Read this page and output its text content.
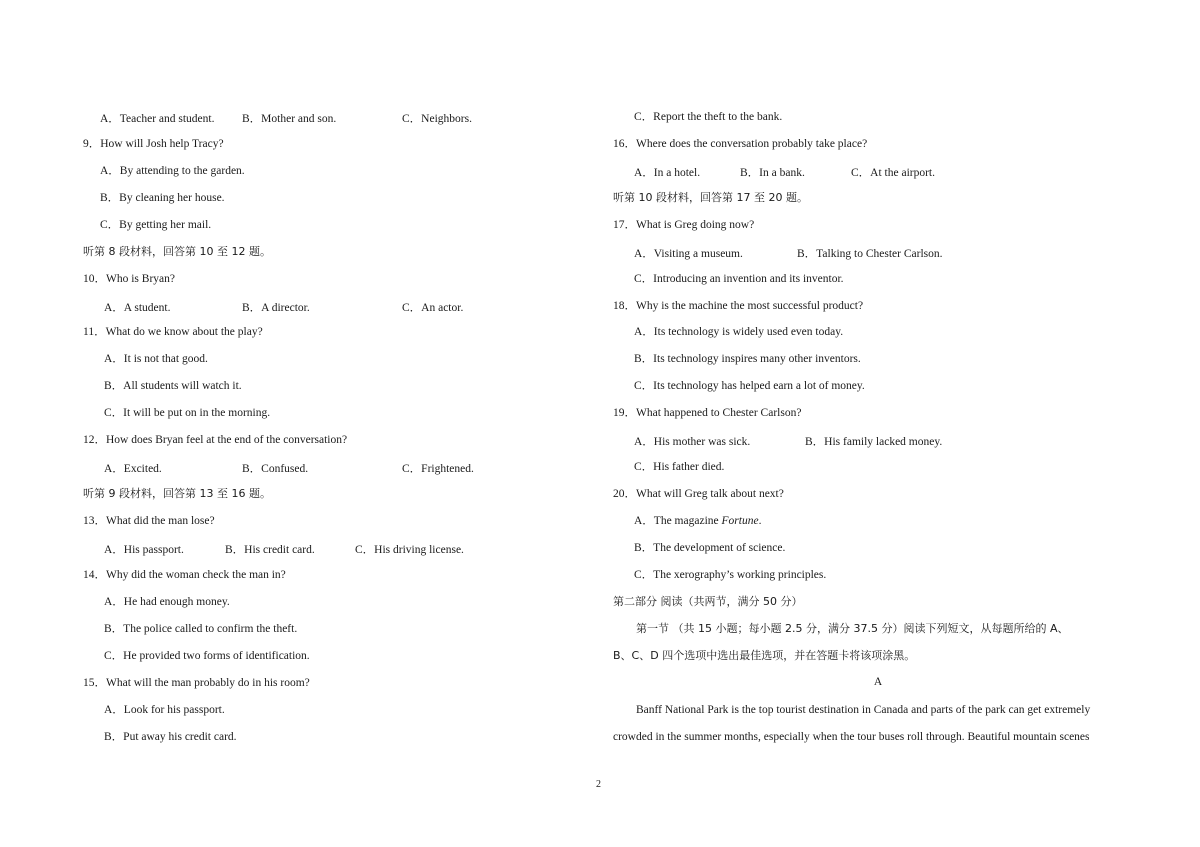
A．Teacher and student. B．Mother and son.	C．Neighbors.
9．How will Josh help Tracy?
A．By attending to the garden.
B．By cleaning her house.
C．By getting her mail.
听第 8 段材料，回答第 10 至 12 题。
10．Who is Bryan?
A．A student.	B．A director.	C．An actor.
11．What do we know about the play?
A．It is not that good.
B．All students will watch it.
C．It will be put on in the morning.
12．How does Bryan feel at the end of the conversation?
A．Excited.	B．Confused.	C．Frightened.
听第 9 段材料，回答第 13 至 16 题。
13．What did the man lose?
A．His passport.	B．His credit card.	C．His driving license.
14．Why did the woman check the man in?
A．He had enough money.
B．The police called to confirm the theft.
C．He provided two forms of identification.
15．What will the man probably do in his room?
A．Look for his passport.
B．Put away his credit card.
C．Report the theft to the bank.
16．Where does the conversation probably take place?
A．In a hotel.	B．In a bank.	C．At the airport.
听第 10 段材料，回答第 17 至 20 题。
17．What is Greg doing now?
A．Visiting a museum.	B．Talking to Chester Carlson.
C．Introducing an invention and its inventor.
18．Why is the machine the most successful product?
A．Its technology is widely used even today.
B．Its technology inspires many other inventors.
C．Its technology has helped earn a lot of money.
19．What happened to Chester Carlson?
A．His mother was sick.	B．His family lacked money.
C．His father died.
20．What will Greg talk about next?
A．The magazine Fortune.
B．The development of science.
C．The xerography’s working principles.
第二部分 阅读（共两节，满分 50 分）
第一节 （共 15 小题；每小题 2.5 分，满分 37.5 分）阅读下列短文，从每题所给的 A、
B、C、D 四个选项中选出最佳选项，并在答题卡将该项涂黑。
A
Banff National Park is the top tourist destination in Canada and parts of the park can get extremely
crowded in the summer months, especially when the tour buses roll through. Beautiful mountain scenes
2
